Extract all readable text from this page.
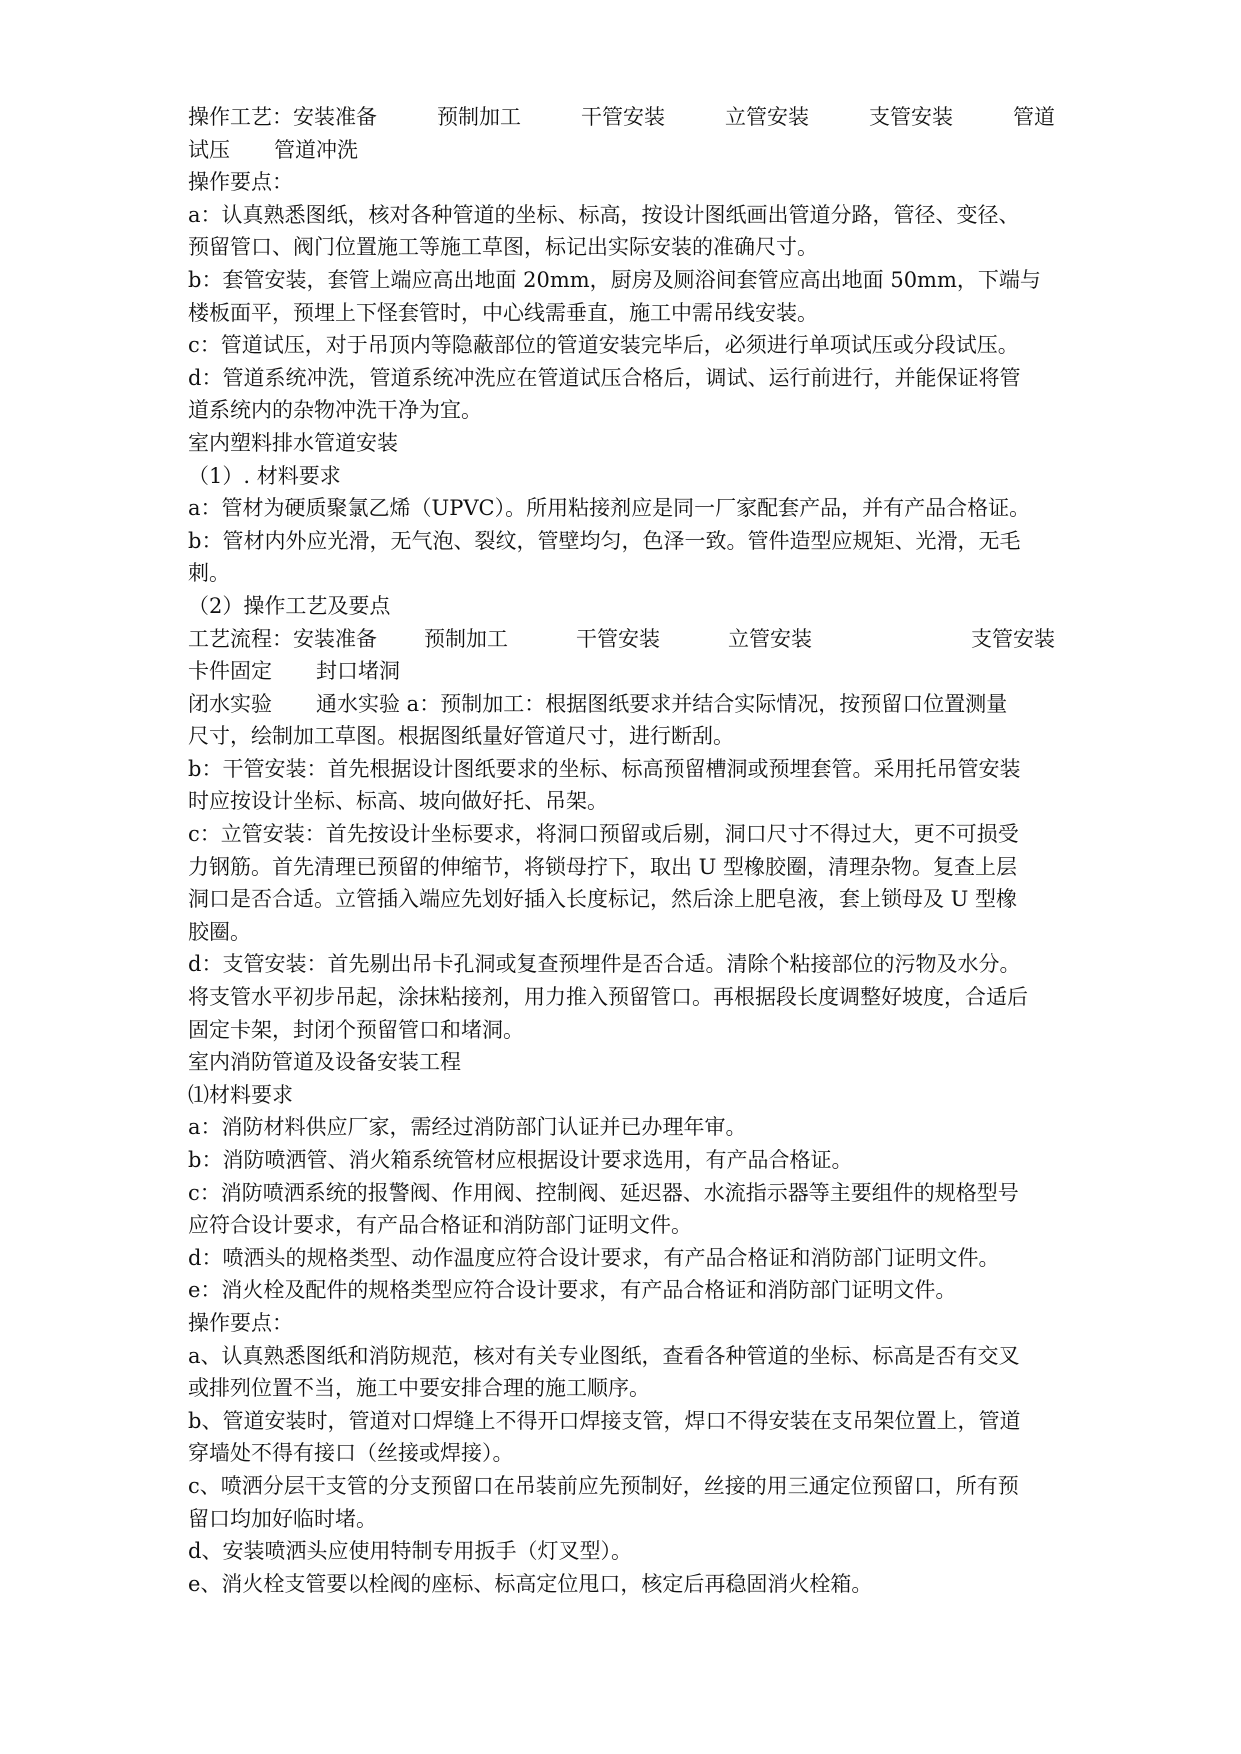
操作工艺：安装准备	预制加工	干管安装	立管安装	支管安装	管道
试压 管道冲洗
操作要点：
a：认真熟悉图纸，核对各种管道的坐标、标高，按设计图纸画出管道分路，管径、变径、
预留管口、阀门位置施工等施工草图，标记出实际安装的准确尺寸。
b：套管安装，套管上端应高出地面 20mm，厨房及厕浴间套管应高出地面 50mm，下端与
楼板面平，预埋上下怪套管时，中心线需垂直，施工中需吊线安装。
c：管道试压，对于吊顶内等隐蔽部位的管道安装完毕后，必须进行单项试压或分段试压。
d：管道系统冲洗，管道系统冲洗应在管道试压合格后，调试、运行前进行，并能保证将管
道系统内的杂物冲洗干净为宜。
室内塑料排水管道安装
（1）. 材料要求
a：管材为硬质聚氯乙烯（UPVC）。所用粘接剂应是同一厂家配套产品，并有产品合格证。
b：管材内外应光滑，无气泡、裂纹，管壁均匀，色泽一致。管件造型应规矩、光滑，无毛
刺。
（2）操作工艺及要点
工艺流程：安装准备 预制加工	干管安装	立管安装	支管安装
卡件固定 封口堵洞
闭水实验 通水实验 a：预制加工：根据图纸要求并结合实际情况，按预留口位置测量
尺寸，绘制加工草图。根据图纸量好管道尺寸，进行断刮。
b：干管安装：首先根据设计图纸要求的坐标、标高预留槽洞或预埋套管。采用托吊管安装
时应按设计坐标、标高、坡向做好托、吊架。
c：立管安装：首先按设计坐标要求，将洞口预留或后剔，洞口尺寸不得过大，更不可损受
力钢筋。首先清理已预留的伸缩节，将锁母拧下，取出 U 型橡胶圈，清理杂物。复查上层
洞口是否合适。立管插入端应先划好插入长度标记，然后涂上肥皂液，套上锁母及 U 型橡
胶圈。
d：支管安装：首先剔出吊卡孔洞或复查预埋件是否合适。清除个粘接部位的污物及水分。
将支管水平初步吊起，涂抹粘接剂，用力推入预留管口。再根据段长度调整好坡度，合适后
固定卡架，封闭个预留管口和堵洞。
室内消防管道及设备安装工程
⑴材料要求
a：消防材料供应厂家，需经过消防部门认证并已办理年审。
b：消防喷洒管、消火箱系统管材应根据设计要求选用，有产品合格证。
c：消防喷洒系统的报警阀、作用阀、控制阀、延迟器、水流指示器等主要组件的规格型号
应符合设计要求，有产品合格证和消防部门证明文件。
d：喷洒头的规格类型、动作温度应符合设计要求，有产品合格证和消防部门证明文件。
e：消火栓及配件的规格类型应符合设计要求，有产品合格证和消防部门证明文件。
操作要点：
a、认真熟悉图纸和消防规范，核对有关专业图纸，查看各种管道的坐标、标高是否有交叉
或排列位置不当，施工中要安排合理的施工顺序。
b、管道安装时，管道对口焊缝上不得开口焊接支管，焊口不得安装在支吊架位置上，管道
穿墙处不得有接口（丝接或焊接）。
c、喷洒分层干支管的分支预留口在吊装前应先预制好，丝接的用三通定位预留口，所有预
留口均加好临时堵。
d、安装喷洒头应使用特制专用扳手（灯叉型）。
e、消火栓支管要以栓阀的座标、标高定位甩口，核定后再稳固消火栓箱。
